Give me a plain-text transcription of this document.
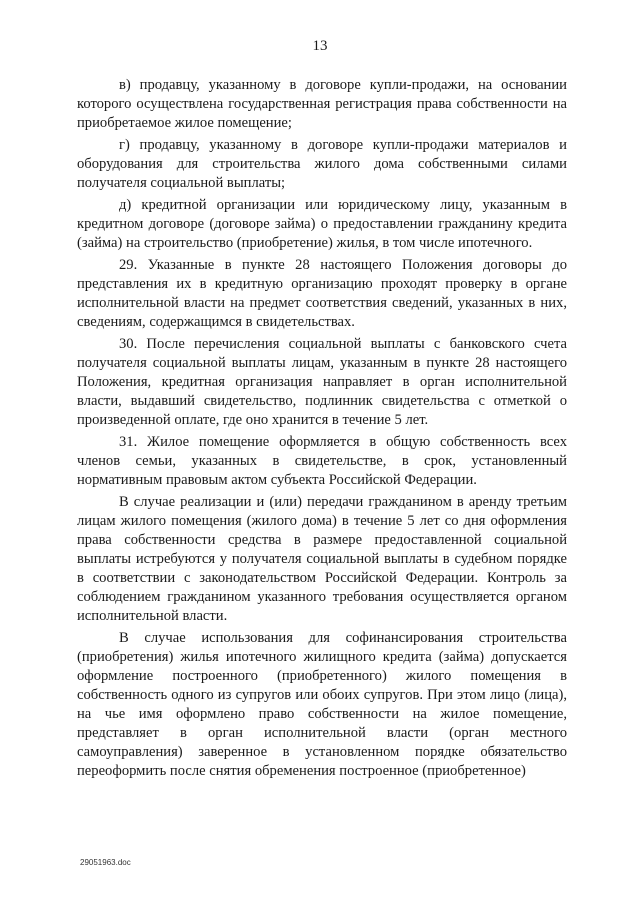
13

в) продавцу, указанному в договоре купли-продажи, на основании которого осуществлена государственная регистрация права собственности на приобретаемое жилое помещение;

г) продавцу, указанному в договоре купли-продажи материалов и оборудования для строительства жилого дома собственными силами получателя социальной выплаты;

д) кредитной организации или юридическому лицу, указанным в кредитном договоре (договоре займа) о предоставлении гражданину кредита (займа) на строительство (приобретение) жилья, в том числе ипотечного.

29. Указанные в пункте 28 настоящего Положения договоры до представления их в кредитную организацию проходят проверку в органе исполнительной власти на предмет соответствия сведений, указанных в них, сведениям, содержащимся в свидетельствах.

30. После перечисления социальной выплаты с банковского счета получателя социальной выплаты лицам, указанным в пункте 28 настоящего Положения, кредитная организация направляет в орган исполнительной власти, выдавший свидетельство, подлинник свидетельства с отметкой о произведенной оплате, где оно хранится в течение 5 лет.

31. Жилое помещение оформляется в общую собственность всех членов семьи, указанных в свидетельстве, в срок, установленный нормативным правовым актом субъекта Российской Федерации.

В случае реализации и (или) передачи гражданином в аренду третьим лицам жилого помещения (жилого дома) в течение 5 лет со дня оформления права собственности средства в размере предоставленной социальной выплаты истребуются у получателя социальной выплаты в судебном порядке в соответствии с законодательством Российской Федерации. Контроль за соблюдением гражданином указанного требования осуществляется органом исполнительной власти.

В случае использования для софинансирования строительства (приобретения) жилья ипотечного жилищного кредита (займа) допускается оформление построенного (приобретенного) жилого помещения в собственность одного из супругов или обоих супругов. При этом лицо (лица), на чье имя оформлено право собственности на жилое помещение, представляет в орган исполнительной власти (орган местного самоуправления) заверенное в установленном порядке обязательство переоформить после снятия обременения построенное (приобретенное)

29051963.doc
